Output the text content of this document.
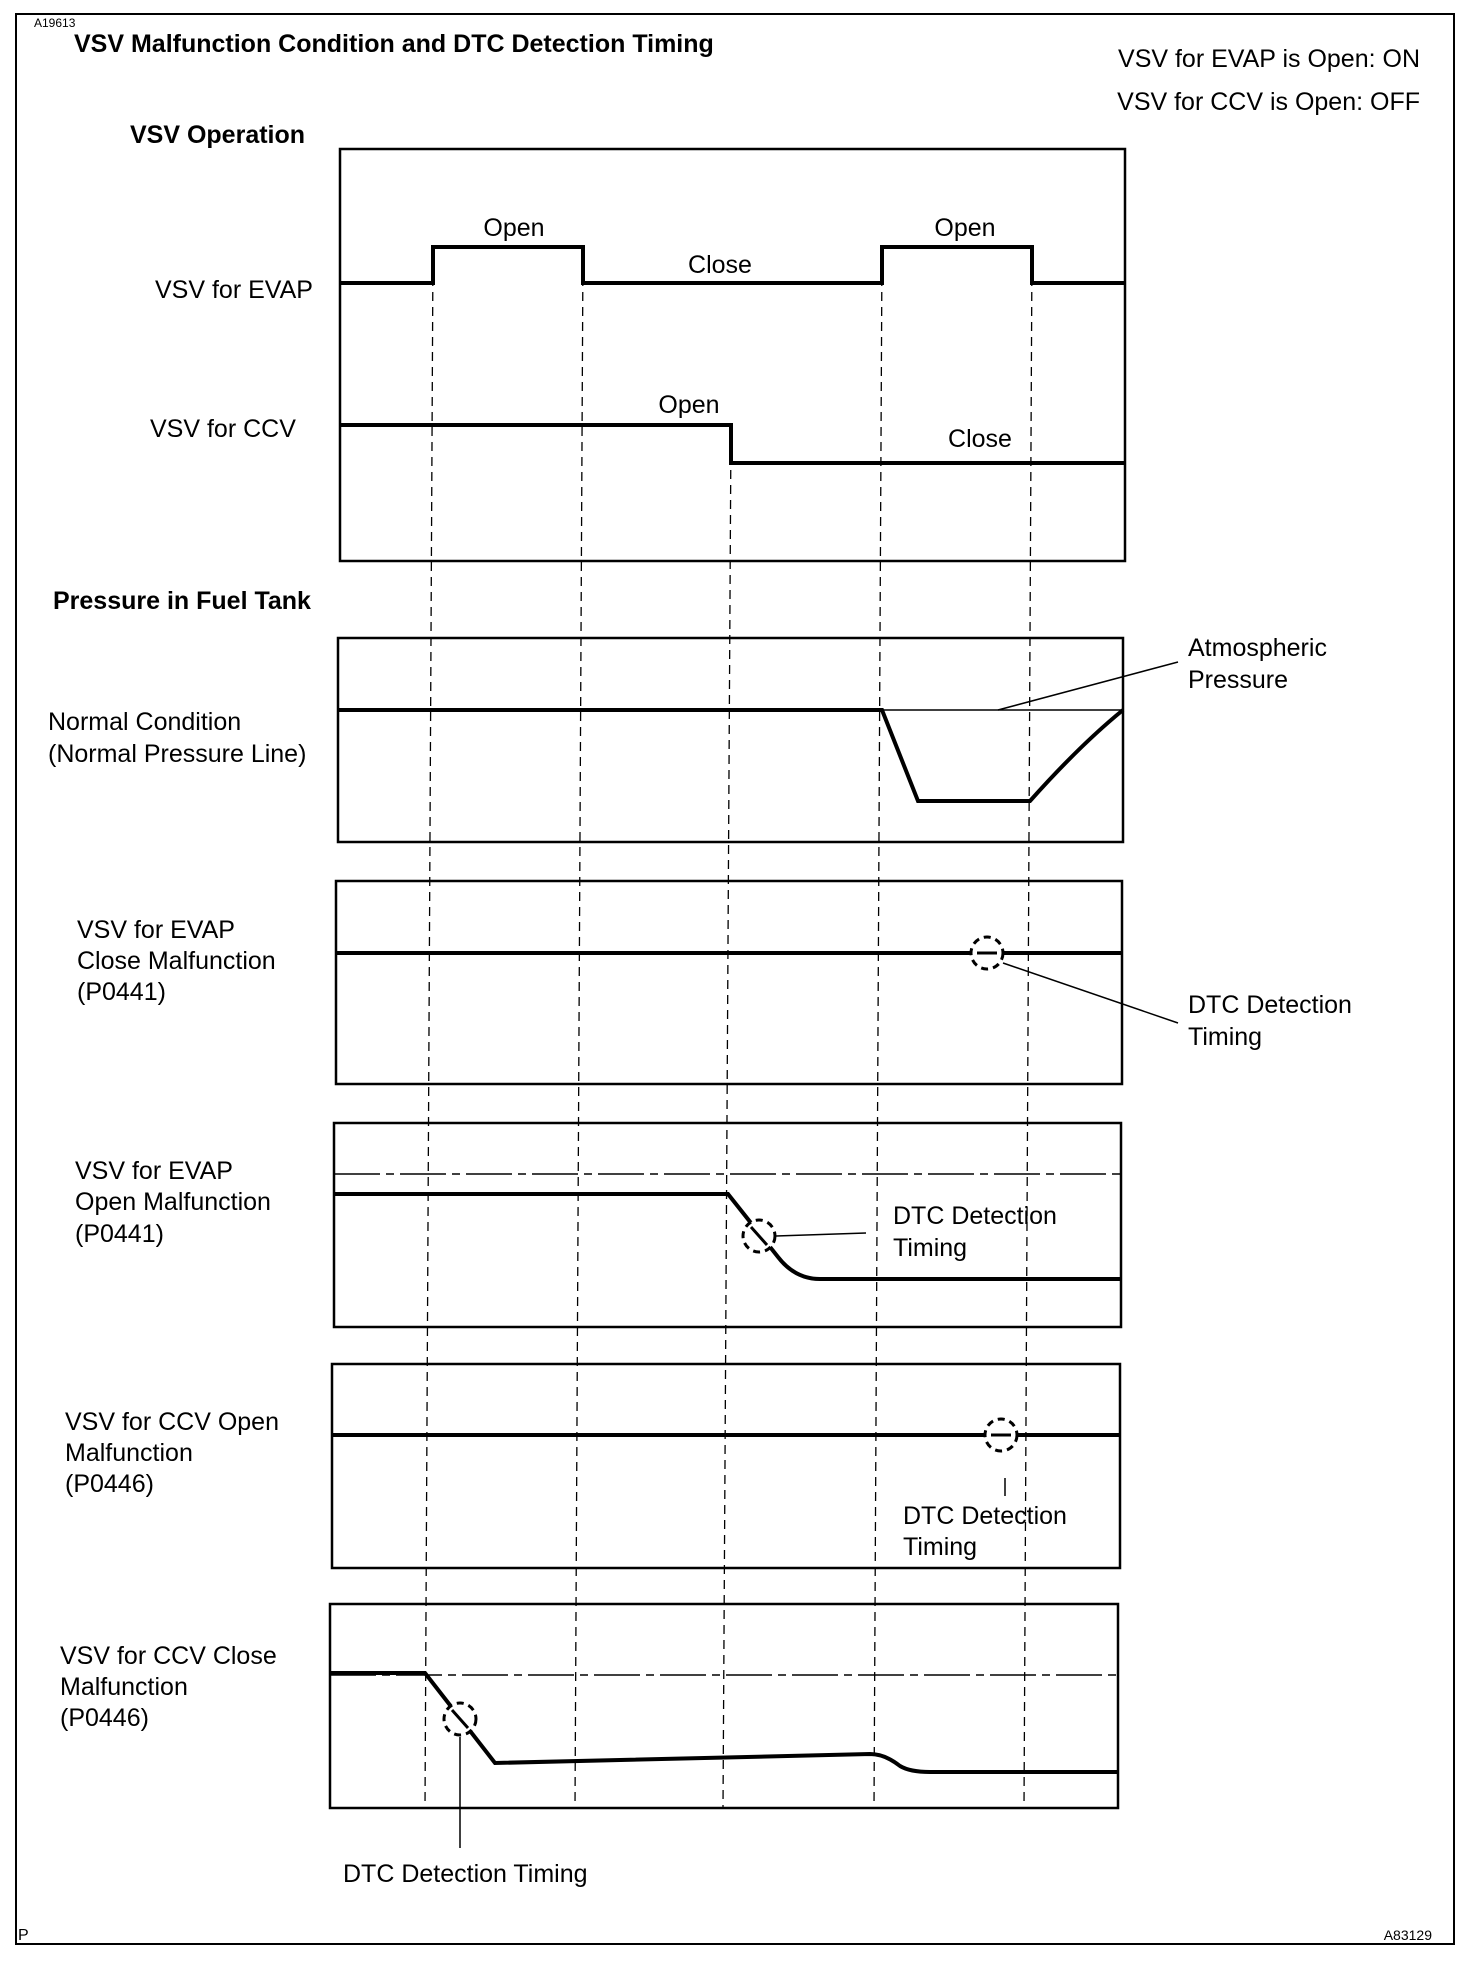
A19613
P	A83129
VSV Malfunction Condition and DTC Detection Timing
VSV for EVAP is Open: ON
VSV for CCV is Open: OFF
VSV Operation
VSV for EVAP
Open
Close
Open
VSV for CCV
Open
Close
Pressure in Fuel Tank
Normal Condition
(Normal Pressure Line)
Atmospheric
Pressure
VSV for EVAP
Close Malfunction
(P0441)	DTC Detection
Timing
VSV for EVAP
Open Malfunction
(P0441)
DTC Detection
Timing
VSV for CCV Open
Malfunction
(P0446)
DTC Detection
Timing
VSV for CCV Close
Malfunction
(P0446)
DTC Detection Timing
